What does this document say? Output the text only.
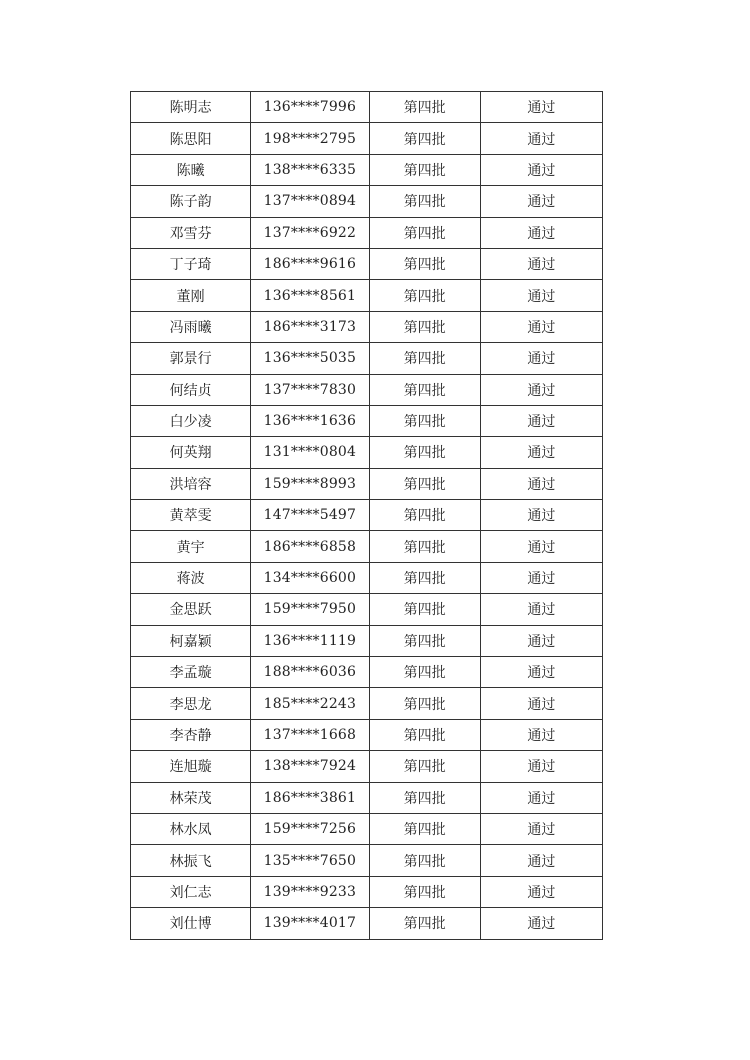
陈明志	136****7996	第四批	通过
陈思阳	198****2795	第四批	通过
陈曦	138****6335	第四批	通过
陈子韵	137****0894	第四批	通过
邓雪芬	137****6922	第四批	通过
丁子琦	186****9616	第四批	通过
董刚	136****8561	第四批	通过
冯雨曦	186****3173	第四批	通过
郭景行	136****5035	第四批	通过
何结贞	137****7830	第四批	通过
白少凌	136****1636	第四批	通过
何英翔	131****0804	第四批	通过
洪培容	159****8993	第四批	通过
黄萃雯	147****5497	第四批	通过
黄宇	186****6858	第四批	通过
蒋波	134****6600	第四批	通过
金思跃	159****7950	第四批	通过
柯嘉颖	136****1119	第四批	通过
李孟璇	188****6036	第四批	通过
李思龙	185****2243	第四批	通过
李杏静	137****1668	第四批	通过
连旭璇	138****7924	第四批	通过
林荣茂	186****3861	第四批	通过
林水凤	159****7256	第四批	通过
林振飞	135****7650	第四批	通过
刘仁志	139****9233	第四批	通过
刘仕博	139****4017	第四批	通过
